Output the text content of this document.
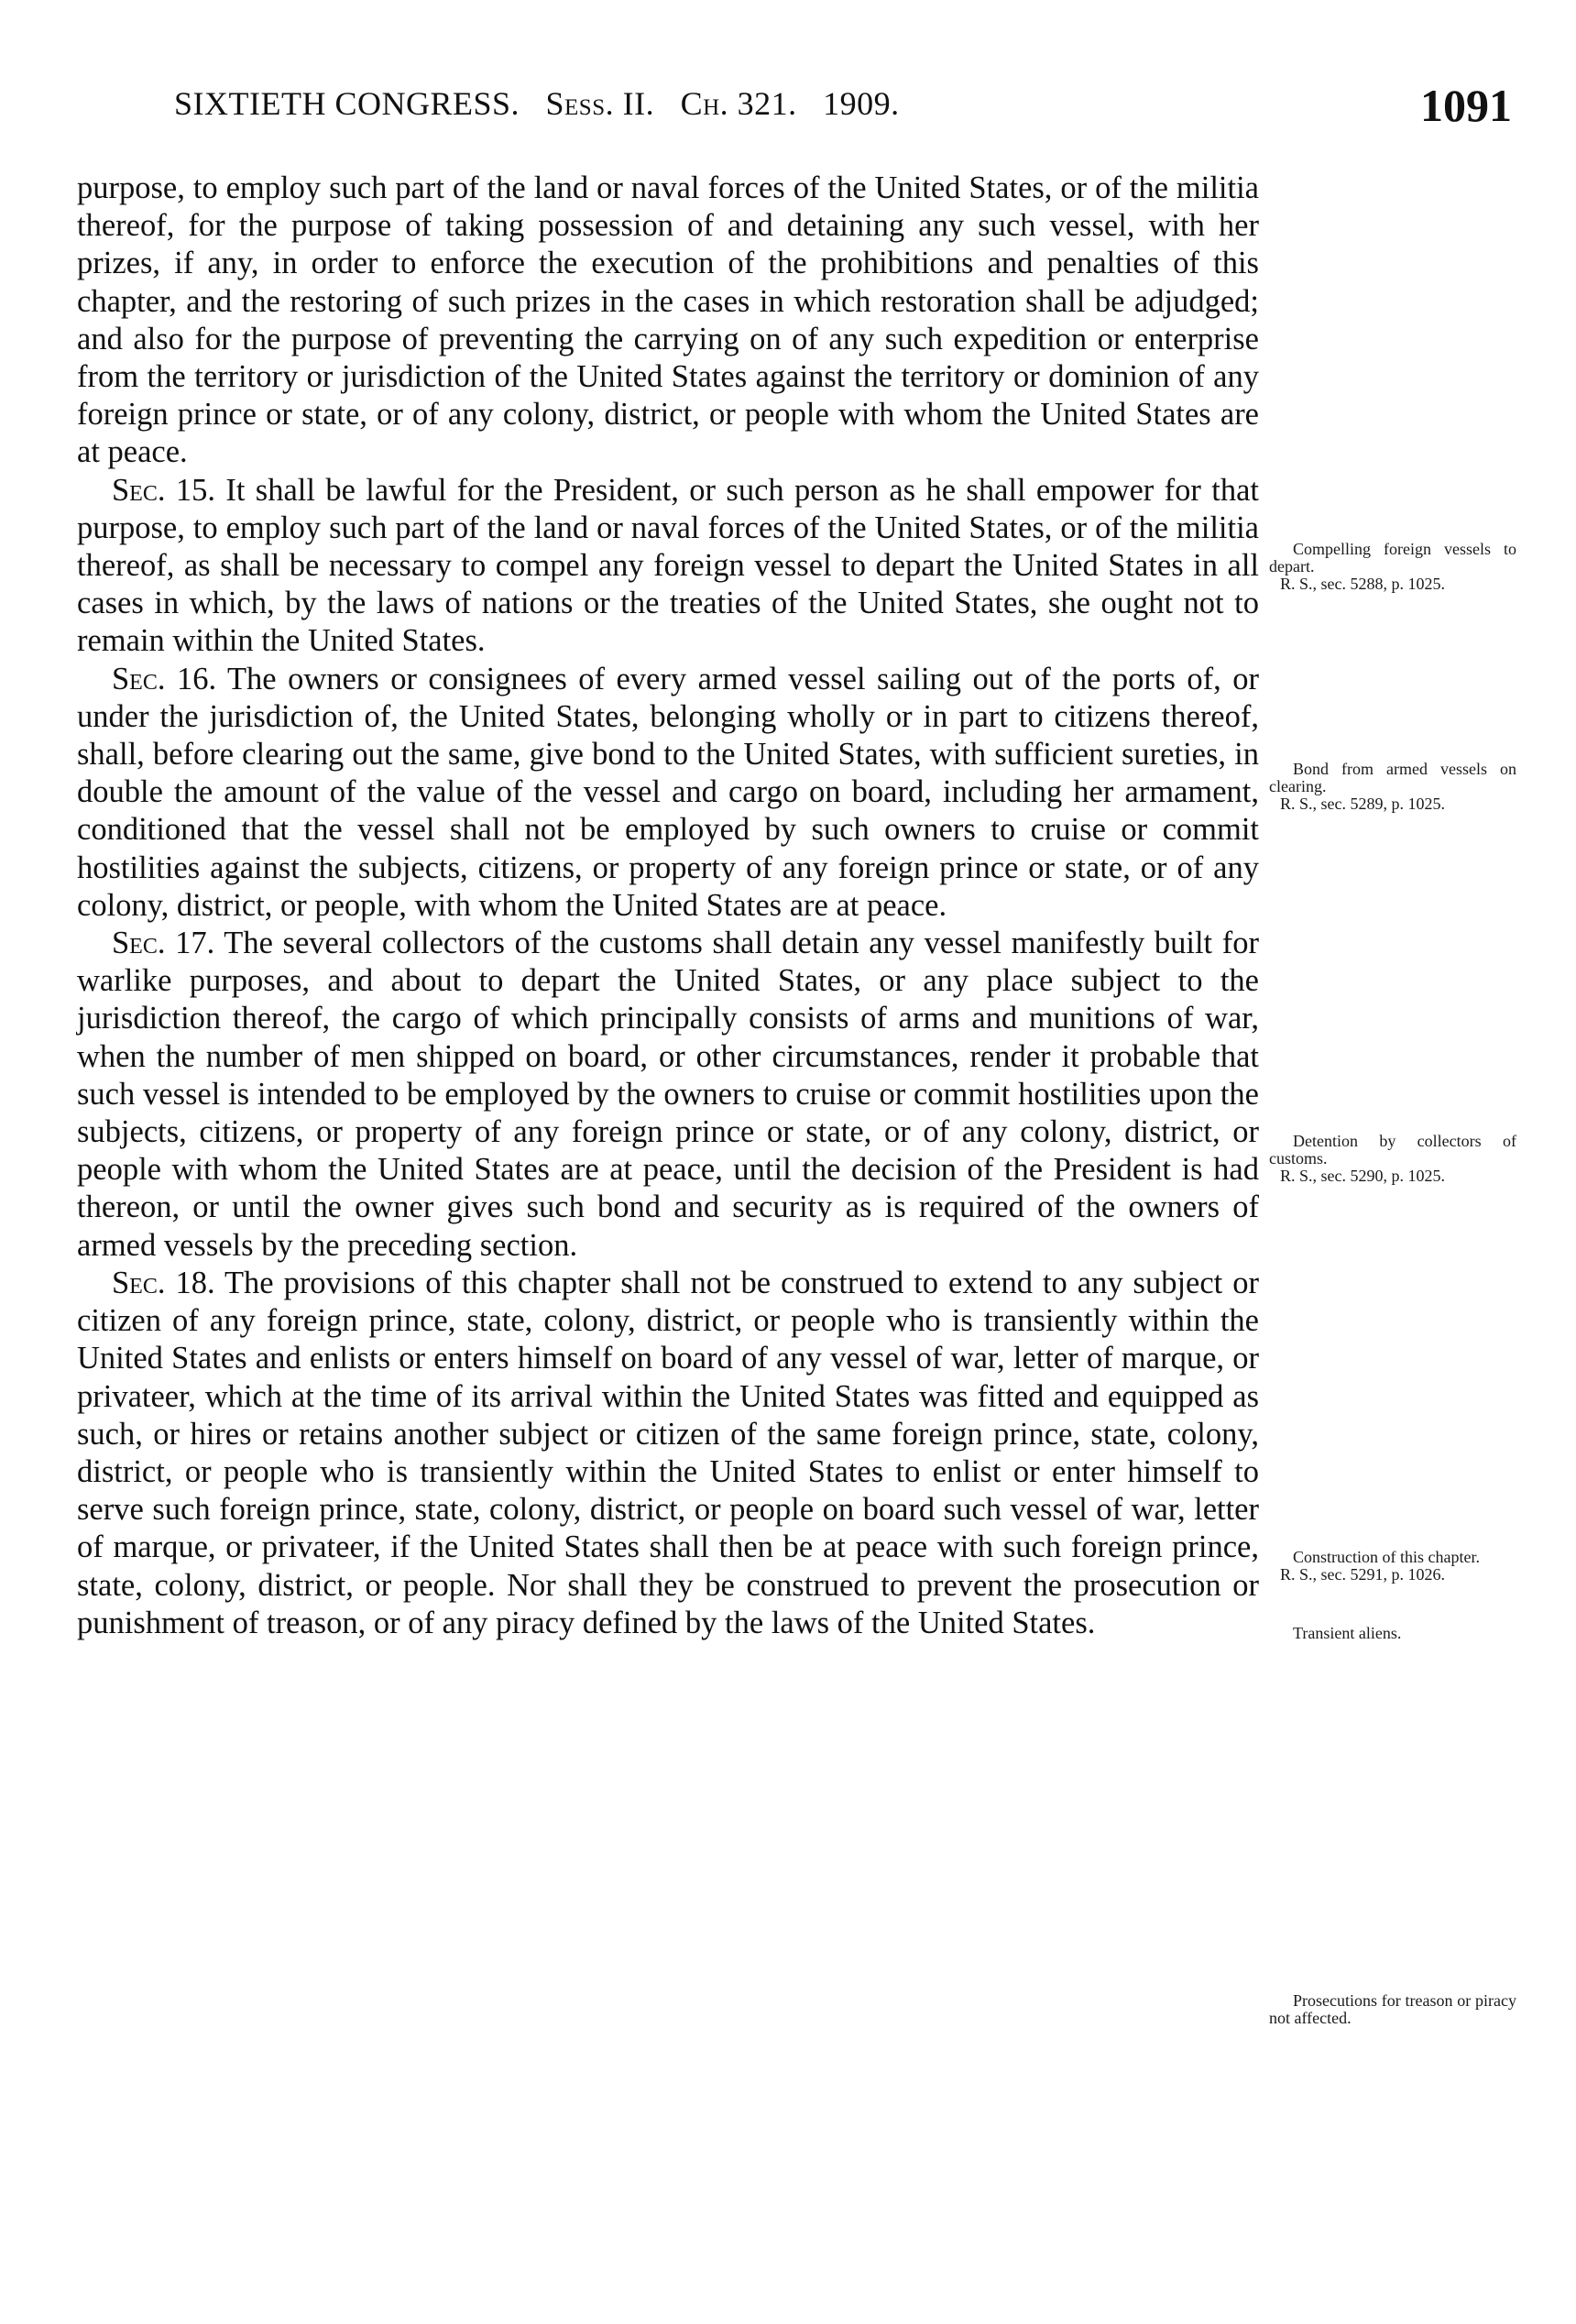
SIXTIETH CONGRESS. Sess. II. Ch. 321. 1909.	1091

purpose, to employ such part of the land or naval forces of the United States, or of the militia thereof, for the purpose of taking possession of and detaining any such vessel, with her prizes, if any, in order to enforce the execution of the prohibitions and penalties of this chapter, and the restoring of such prizes in the cases in which restoration shall be adjudged; and also for the purpose of preventing the carrying on of any such expedition or enterprise from the territory or jurisdiction of the United States against the territory or dominion of any foreign prince or state, or of any colony, district, or people with whom the United States are at peace.

Sec. 15. It shall be lawful for the President, or such person as he shall empower for that purpose, to employ such part of the land or naval forces of the United States, or of the militia thereof, as shall be necessary to compel any foreign vessel to depart the United States in all cases in which, by the laws of nations or the treaties of the United States, she ought not to remain within the United States.

Sec. 16. The owners or consignees of every armed vessel sailing out of the ports of, or under the jurisdiction of, the United States, belonging wholly or in part to citizens thereof, shall, before clearing out the same, give bond to the United States, with sufficient sureties, in double the amount of the value of the vessel and cargo on board, including her armament, conditioned that the vessel shall not be employed by such owners to cruise or commit hostilities against the subjects, citizens, or property of any foreign prince or state, or of any colony, district, or people, with whom the United States are at peace.

Sec. 17. The several collectors of the customs shall detain any vessel manifestly built for warlike purposes, and about to depart the United States, or any place subject to the jurisdiction thereof, the cargo of which principally consists of arms and munitions of war, when the number of men shipped on board, or other circumstances, render it probable that such vessel is intended to be employed by the owners to cruise or commit hostilities upon the subjects, citizens, or property of any foreign prince or state, or of any colony, district, or people with whom the United States are at peace, until the decision of the President is had thereon, or until the owner gives such bond and security as is required of the owners of armed vessels by the preceding section.

Sec. 18. The provisions of this chapter shall not be construed to extend to any subject or citizen of any foreign prince, state, colony, district, or people who is transiently within the United States and enlists or enters himself on board of any vessel of war, letter of marque, or privateer, which at the time of its arrival within the United States was fitted and equipped as such, or hires or retains another subject or citizen of the same foreign prince, state, colony, district, or people who is transiently within the United States to enlist or enter himself to serve such foreign prince, state, colony, district, or people on board such vessel of war, letter of marque, or privateer, if the United States shall then be at peace with such foreign prince, state, colony, district, or people. Nor shall they be construed to prevent the prosecution or punishment of treason, or of any piracy defined by the laws of the United States.

Compelling foreign vessels to depart.
R. S., sec. 5288, p. 1025.
Bond from armed vessels on clearing.
R. S., sec. 5289, p. 1025.
Detention by collectors of customs.
R. S., sec. 5290, p. 1025.
Construction of this chapter.
R. S., sec. 5291, p. 1026.
Transient aliens.
Prosecutions for treason or piracy not affected.
